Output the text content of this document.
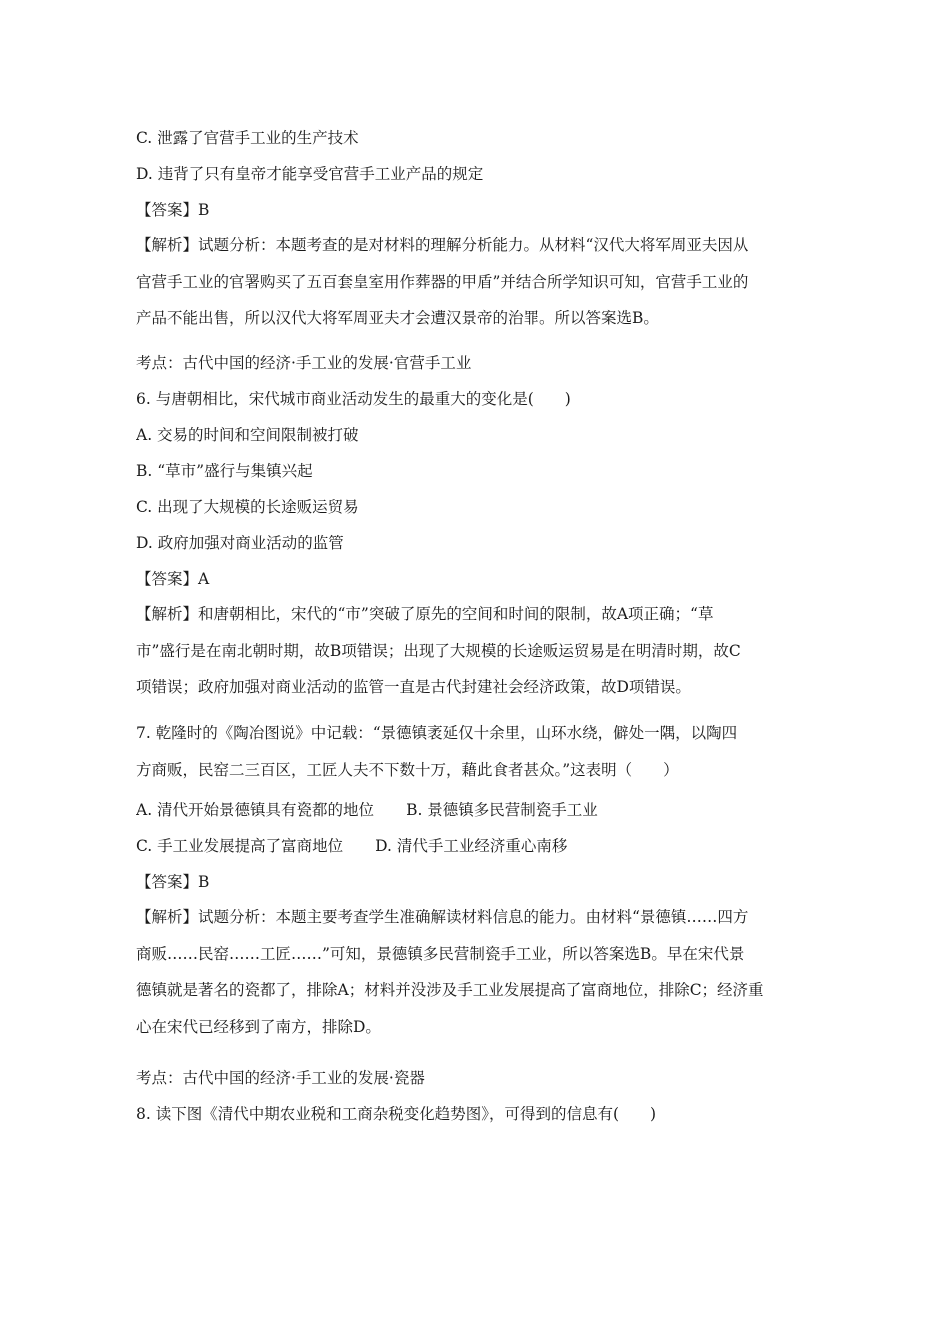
C. 泄露了官营手工业的生产技术
D. 违背了只有皇帝才能享受官营手工业产品的规定
【答案】B
【解析】试题分析：本题考查的是对材料的理解分析能力。从材料“汉代大将军周亚夫因从
官营手工业的官署购买了五百套皇室用作葬器的甲盾”并结合所学知识可知，官营手工业的
产品不能出售，所以汉代大将军周亚夫才会遭汉景帝的治罪。所以答案选B。
考点：古代中国的经济·手工业的发展·官营手工业
6. 与唐朝相比，宋代城市商业活动发生的最重大的变化是(　　)
A. 交易的时间和空间限制被打破
B. “草市”盛行与集镇兴起
C. 出现了大规模的长途贩运贸易
D. 政府加强对商业活动的监管
【答案】A
【解析】和唐朝相比，宋代的“市”突破了原先的空间和时间的限制，故A项正确；“草
市”盛行是在南北朝时期，故B项错误；出现了大规模的长途贩运贸易是在明清时期，故C
项错误；政府加强对商业活动的监管一直是古代封建社会经济政策，故D项错误。
7. 乾隆时的《陶冶图说》中记载：“景德镇袤延仅十余里，山环水绕，僻处一隅，以陶四
方商贩，民窑二三百区，工匠人夫不下数十万，藉此食者甚众。”这表明（　　）
A. 清代开始景德镇具有瓷都的地位 B. 景德镇多民营制瓷手工业
C. 手工业发展提高了富商地位 D. 清代手工业经济重心南移
【答案】B
【解析】试题分析：本题主要考查学生准确解读材料信息的能力。由材料“景德镇……四方
商贩……民窑……工匠……”可知，景德镇多民营制瓷手工业，所以答案选B。早在宋代景
德镇就是著名的瓷都了，排除A；材料并没涉及手工业发展提高了富商地位，排除C；经济重
心在宋代已经移到了南方，排除D。
考点：古代中国的经济·手工业的发展·瓷器
8. 读下图《清代中期农业税和工商杂税变化趋势图》，可得到的信息有(　　)
